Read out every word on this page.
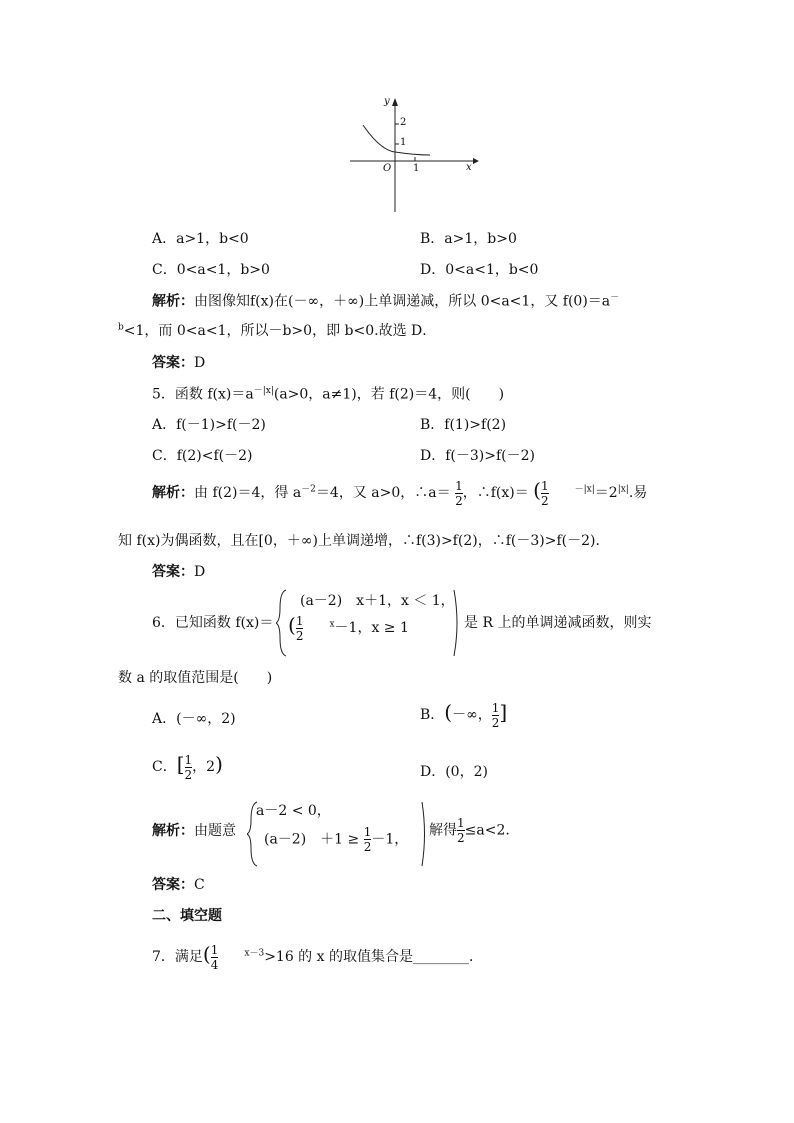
y
x
O
2
1
1
A．a>1，b<0	B．a>1，b>0
C．0<a<1，b>0	D．0<a<1，b<0
解析：由图像知f(x)在(－∞，＋∞)上单调递减，所以 0<a<1，又 f(0)＝a－
$^b$<1，而 0<a<1，所以－b>0，即 b<0.故选 D．
答案：D
5．函数 $f(x)=a^{-|x|}(a>0$，a≠1)，若 f(2)＝4，则(　　)
A．f(－1)>f(－2)	B．f(1)>f(2)
C．f(2)<f(－2)	D．f(－3)>f(－2)
解析：由 f(2)＝4，得 $a^{-2}=4$，又 a>0，∴a＝ $\frac{1}{2}$ ，∴f(x)＝ ( $\frac{1}{2}$	$^{-|x|}=2^{|x|}$.易
知 f(x)为偶函数，且在[0，＋∞)上单调递增，∴f(3)>f(2)，∴f(－3)>f(－2)．
答案：D
6．已知函数 f(x)＝
(a－2)　x＋1，x ＜ 1，
( $\frac{1}{2}$	$^x$－1，x ≥ 1	是 R 上的单调递减函数，则实
数 a 的取值范围是(　　)
A．(－∞，2)	B．(－∞， $\frac{1}{2}$ ]
C．[ $\frac{1}{2}$ ，2)	D．(0，2)
解析：由题意
a－2 < 0，
(a－2)　$+1 \ge \frac{1}{2} -1$，
解得 $\frac{1}{2} \le a<2$.
答案：C
二、填空题
7．满足( $\frac{1}{4}$	$^{x-3}$>16 的 x 的取值集合是________．
